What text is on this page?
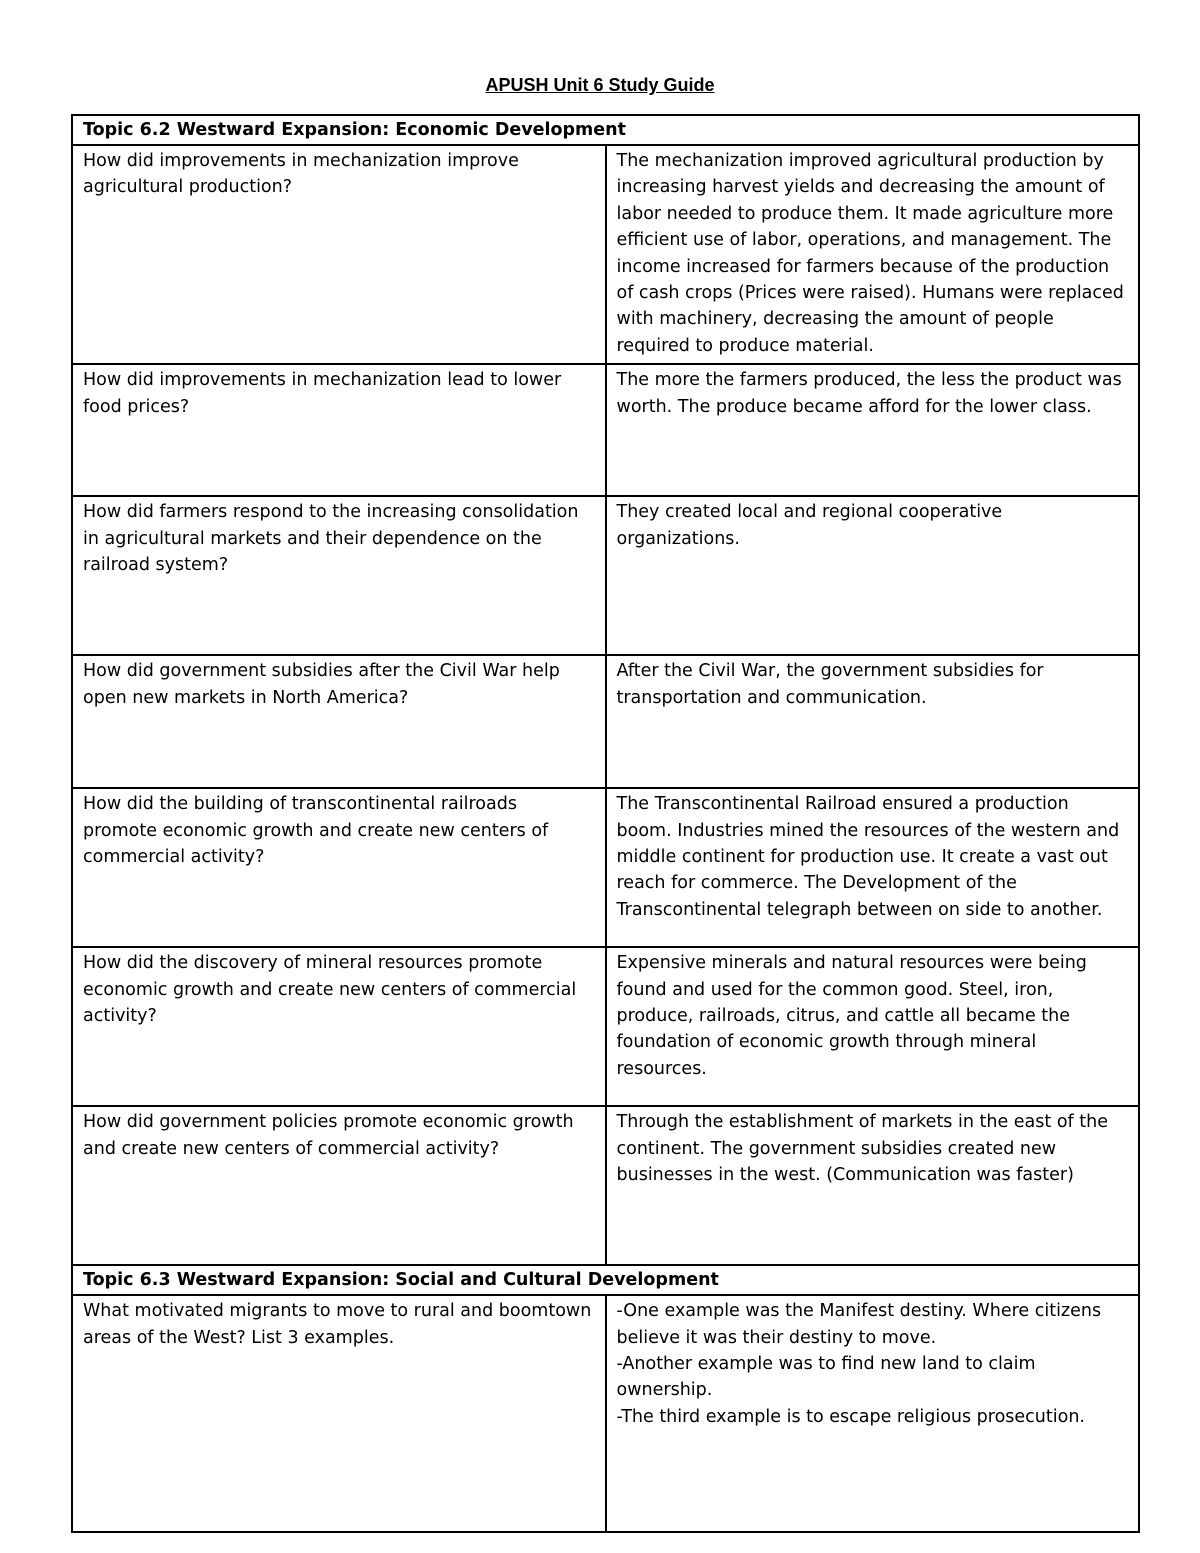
APUSH Unit 6 Study Guide
Topic 6.2 Westward Expansion: Economic Development	
How did improvements in mechanization improve agricultural production?	The mechanization improved agricultural production by increasing harvest yields and decreasing the amount of labor needed to produce them. It made agriculture more efficient use of labor, operations, and management. The income increased for farmers because of the production of cash crops (Prices were raised). Humans were replaced with machinery, decreasing the amount of people required to produce material.
How did improvements in mechanization lead to lower food prices?	The more the farmers produced, the less the product was worth. The produce became afford for the lower class.
How did farmers respond to the increasing consolidation in agricultural markets and their dependence on the railroad system?	They created local and regional cooperative organizations.
How did government subsidies after the Civil War help open new markets in North America?	After the Civil War, the government subsidies for transportation and communication.
How did the building of transcontinental railroads promote economic growth and create new centers of commercial activity?	The Transcontinental Railroad ensured a production boom. Industries mined the resources of the western and middle continent for production use. It create a vast out reach for commerce. The Development of the Transcontinental telegraph between on side to another.
How did the discovery of mineral resources promote economic growth and create new centers of commercial activity?	Expensive minerals and natural resources were being found and used for the common good. Steel, iron, produce, railroads, citrus, and cattle all became the foundation of economic growth through mineral resources.
How did government policies promote economic growth and create new centers of commercial activity?	Through the establishment of markets in the east of the continent. The government subsidies created new businesses in the west. (Communication was faster)
Topic 6.3 Westward Expansion: Social and Cultural Development	
What motivated migrants to move to rural and boomtown areas of the West? List 3 examples.	-One example was the Manifest destiny. Where citizens believe it was their destiny to move.
-Another example was to find new land to claim ownership.
-The third example is to escape religious prosecution.
